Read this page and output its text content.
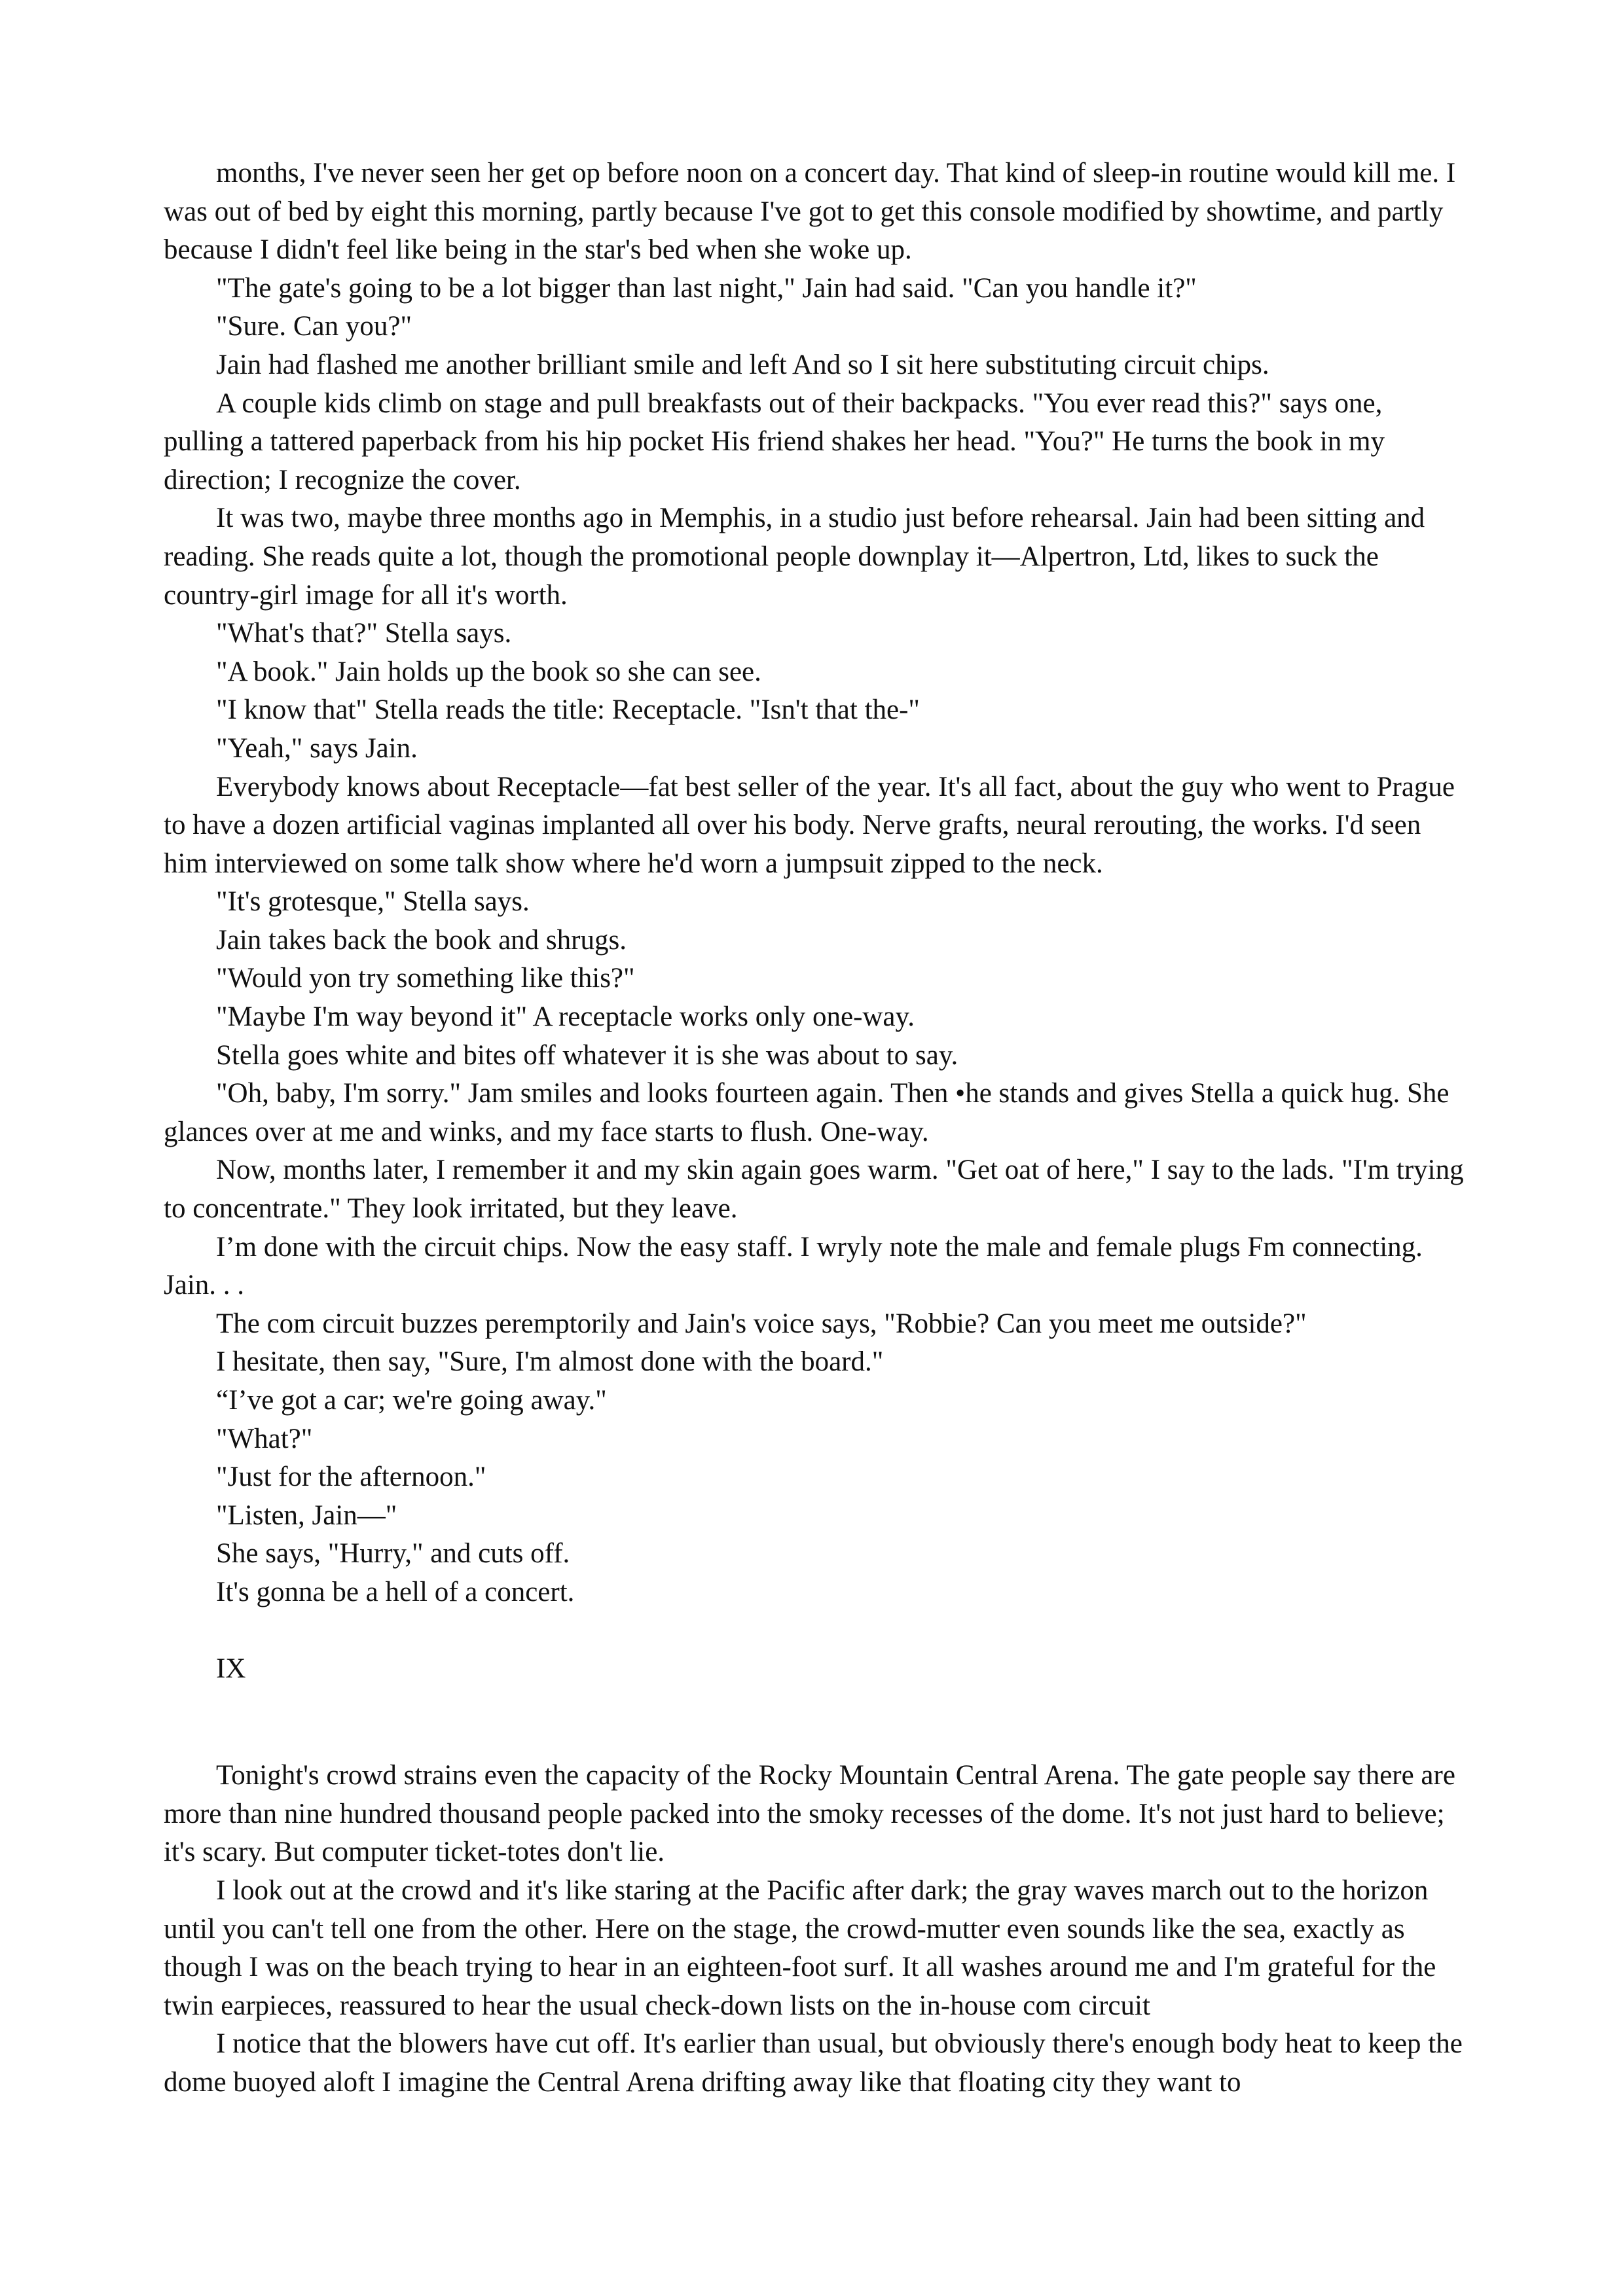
months, I've never seen her get op before noon on a concert day. That kind of sleep-in routine would kill me. I was out of bed by eight this morning, partly because I've got to get this console modified by showtime, and partly because I didn't feel like being in the star's bed when she woke up.

"The gate's going to be a lot bigger than last night," Jain had said. "Can you handle it?"

"Sure. Can you?"

Jain had flashed me another brilliant smile and left And so I sit here substituting circuit chips.

A couple kids climb on stage and pull breakfasts out of their backpacks. "You ever read this?" says one, pulling a tattered paperback from his hip pocket His friend shakes her head. "You?" He turns the book in my direction; I recognize the cover.

It was two, maybe three months ago in Memphis, in a studio just before rehearsal. Jain had been sitting and reading. She reads quite a lot, though the promotional people downplay it—Alpertron, Ltd, likes to suck the country-girl image for all it's worth.

"What's that?" Stella says.

"A book." Jain holds up the book so she can see.

"I know that" Stella reads the title: Receptacle. "Isn't that the-"

"Yeah," says Jain.

Everybody knows about Receptacle—fat best seller of the year. It's all fact, about the guy who went to Prague to have a dozen artificial vaginas implanted all over his body. Nerve grafts, neural rerouting, the works. I'd seen him interviewed on some talk show where he'd worn a jumpsuit zipped to the neck.

"It's grotesque," Stella says.

Jain takes back the book and shrugs.

"Would yon try something like this?"

"Maybe I'm way beyond it" A receptacle works only one-way.

Stella goes white and bites off whatever it is she was about to say.

"Oh, baby, I'm sorry." Jam smiles and looks fourteen again. Then •he stands and gives Stella a quick hug. She glances over at me and winks, and my face starts to flush. One-way.

Now, months later, I remember it and my skin again goes warm. "Get oat of here," I say to the lads. "I'm trying to concentrate." They look irritated, but they leave.

I’m done with the circuit chips. Now the easy staff. I wryly note the male and female plugs Fm connecting. Jain. . .

The com circuit buzzes peremptorily and Jain's voice says, "Robbie? Can you meet me outside?"

I hesitate, then say, "Sure, I'm almost done with the board."

“I’ve got a car; we're going away."

"What?"

"Just for the afternoon."

"Listen, Jain—"

She says, "Hurry," and cuts off.

It's gonna be a hell of a concert.

IX

Tonight's crowd strains even the capacity of the Rocky Mountain Central Arena. The gate people say there are more than nine hundred thousand people packed into the smoky recesses of the dome. It's not just hard to believe; it's scary. But computer ticket-totes don't lie.

I look out at the crowd and it's like staring at the Pacific after dark; the gray waves march out to the horizon until you can't tell one from the other. Here on the stage, the crowd-mutter even sounds like the sea, exactly as though I was on the beach trying to hear in an eighteen-foot surf. It all washes around me and I'm grateful for the twin earpieces, reassured to hear the usual check-down lists on the in-house com circuit

I notice that the blowers have cut off. It's earlier than usual, but obviously there's enough body heat to keep the dome buoyed aloft I imagine the Central Arena drifting away like that floating city they want to
